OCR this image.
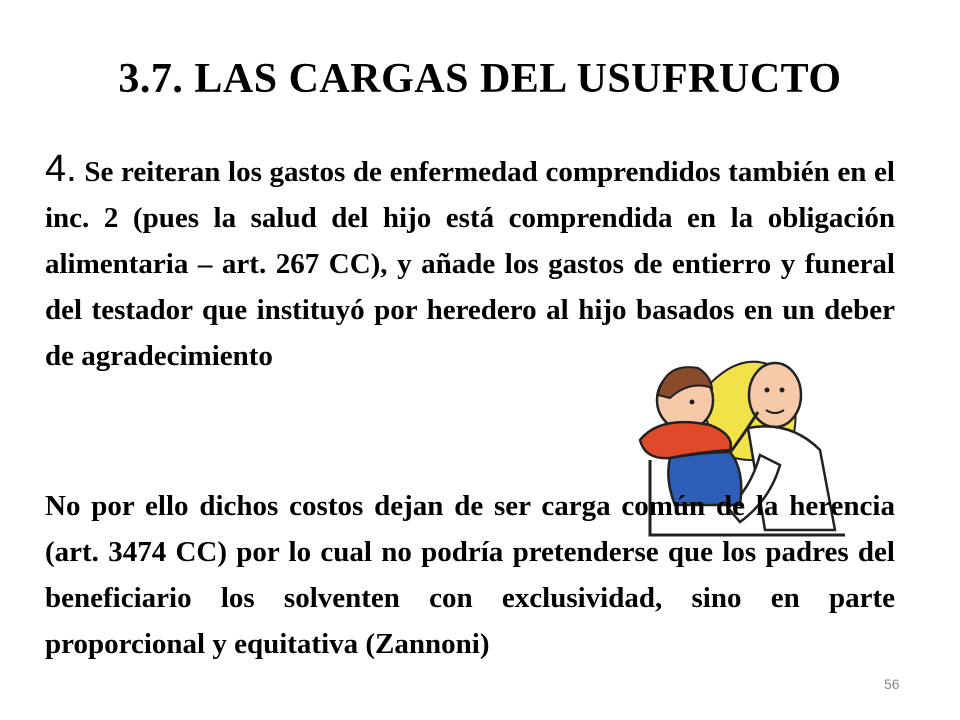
3.7. LAS CARGAS DEL USUFRUCTO
4. Se reiteran los gastos de enfermedad comprendidos también en el inc. 2 (pues la salud del hijo está comprendida en la obligación alimentaria – art. 267 CC), y añade los gastos de entierro y funeral del testador que instituyó por heredero al hijo basados en un deber de agradecimiento
No por ello dichos costos dejan de ser carga común de la herencia (art. 3474 CC) por lo cual no podría pretenderse que los padres del beneficiario los solventen con exclusividad, sino en parte proporcional y equitativa (Zannoni)
56
